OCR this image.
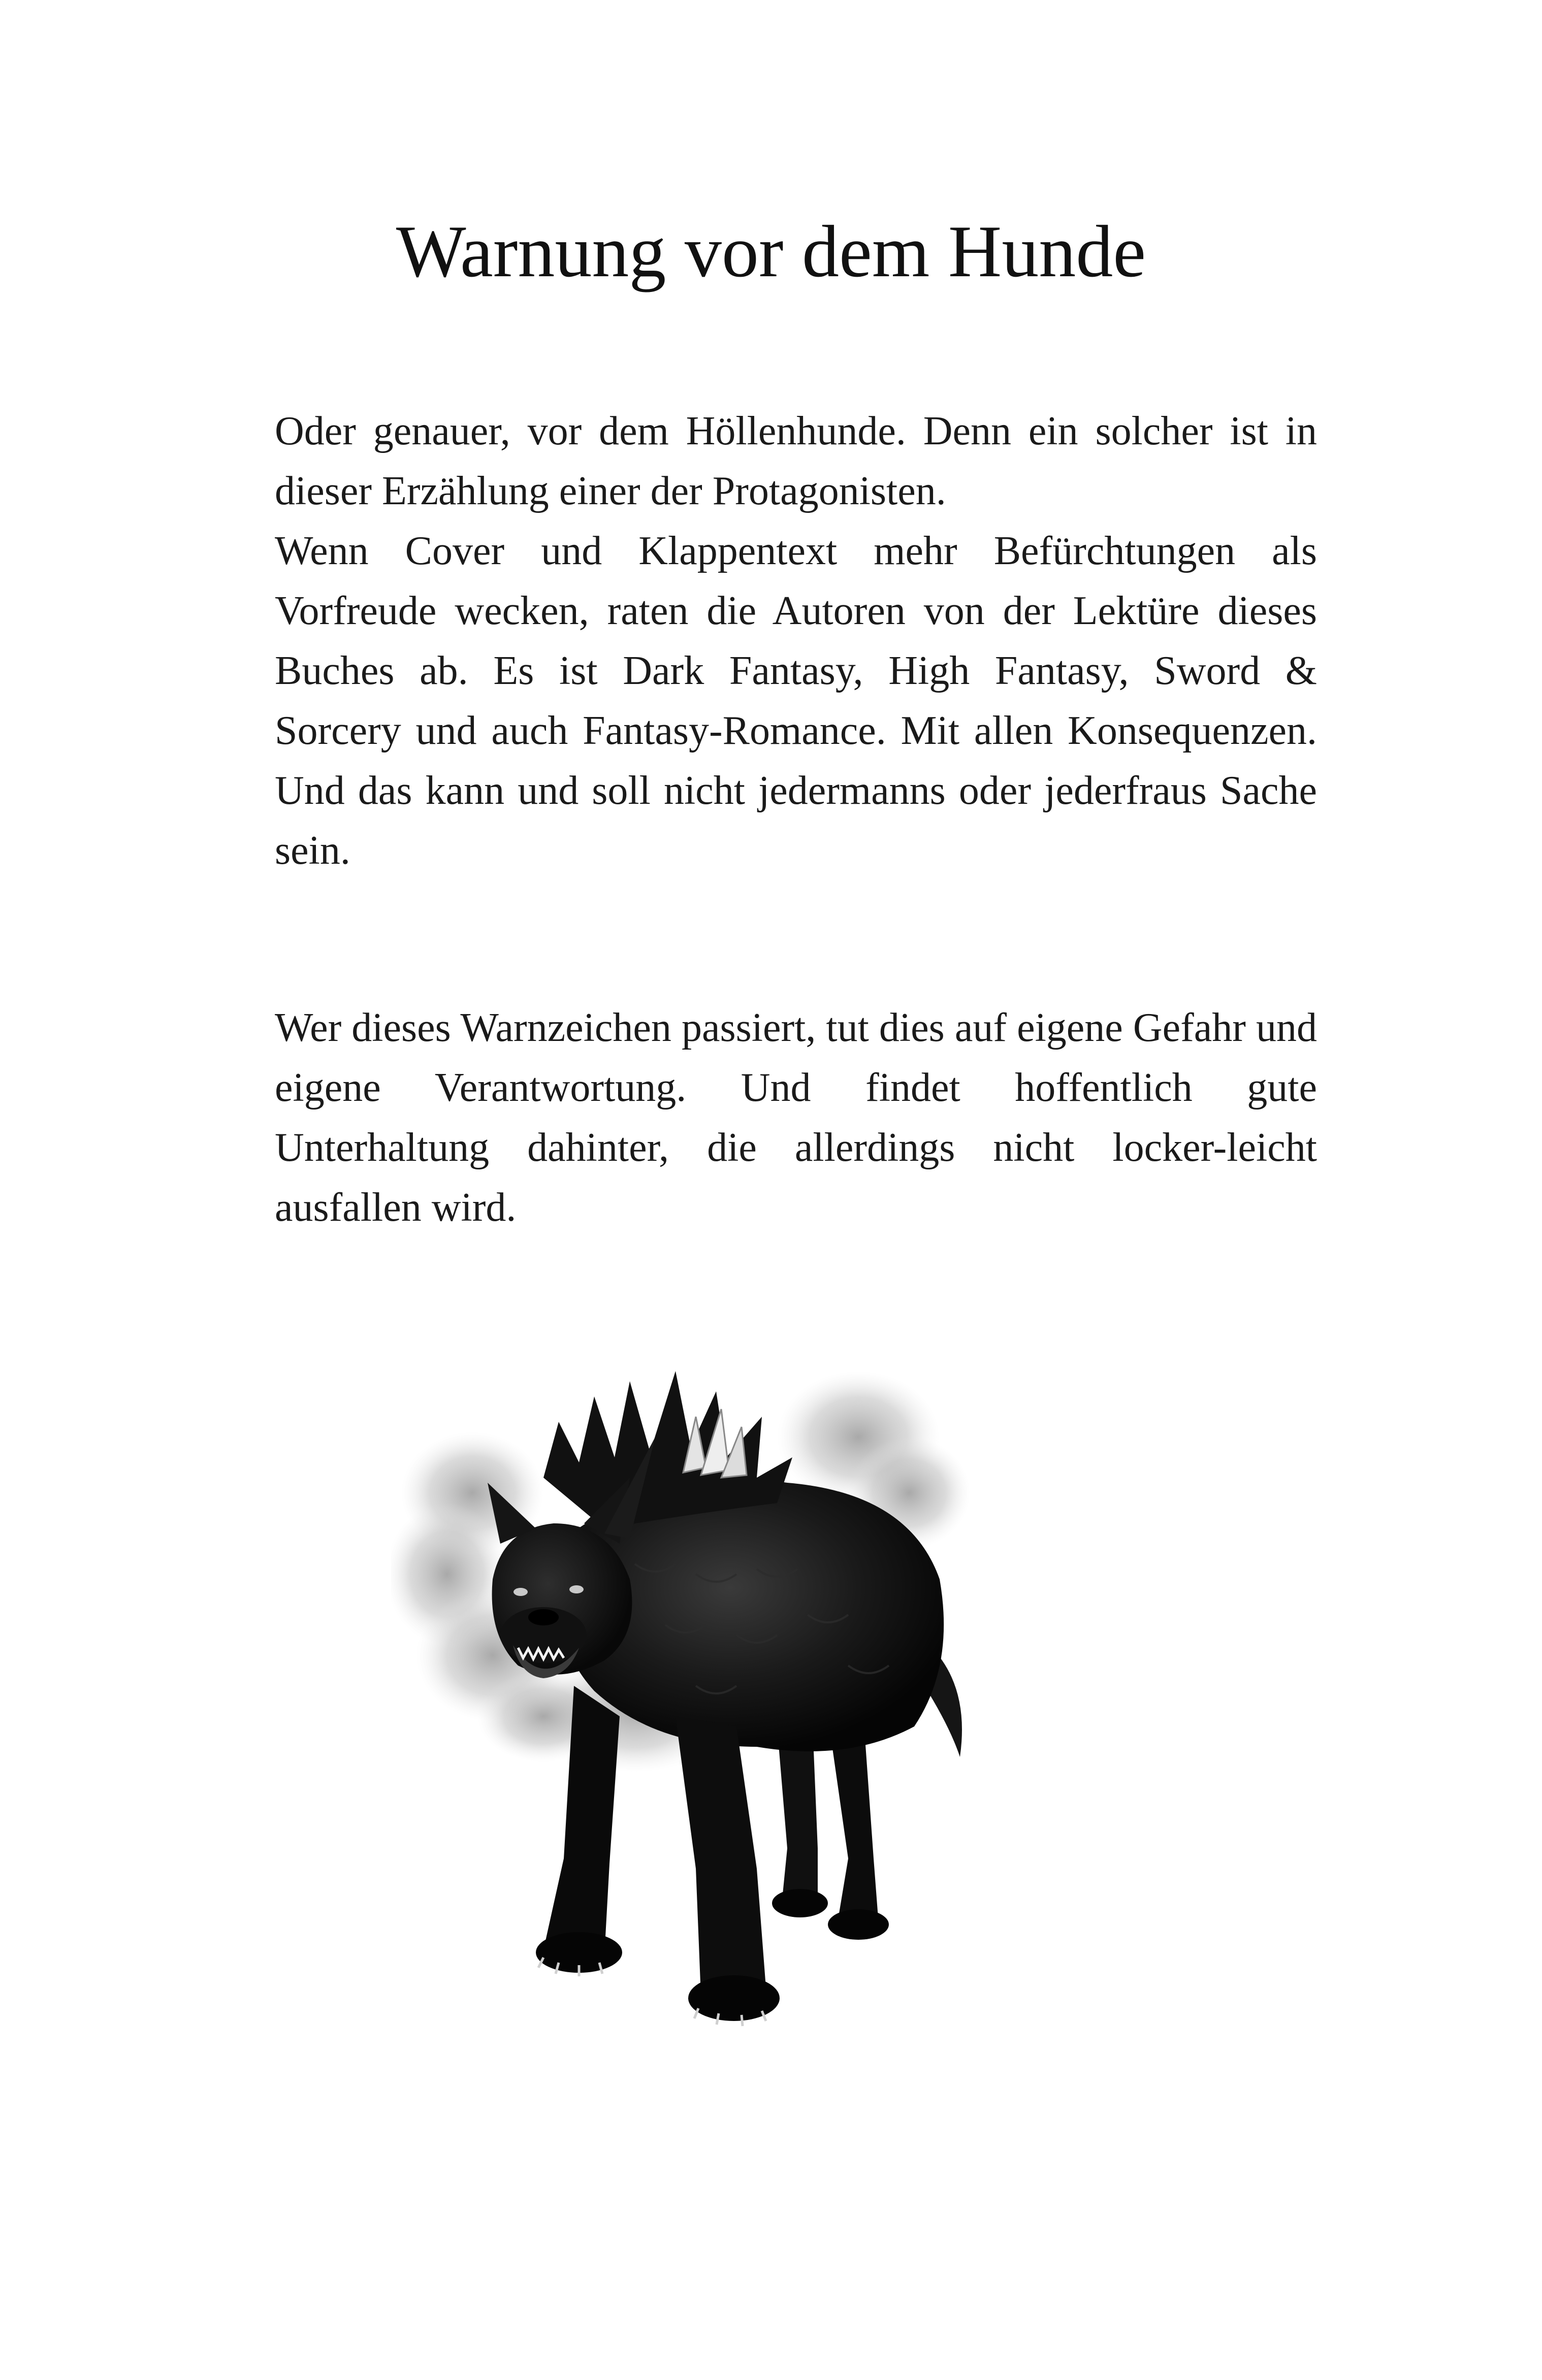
Warnung vor dem Hunde

Oder genauer, vor dem Höllenhunde. Denn ein solcher ist in dieser Erzählung einer der Protagonisten.

Wenn Cover und Klappentext mehr Befürchtungen als Vorfreude wecken, raten die Autoren von der Lektüre dieses Buches ab. Es ist Dark Fantasy, High Fantasy, Sword & Sorcery und auch Fantasy-Romance. Mit allen Konsequenzen. Und das kann und soll nicht jedermanns oder jederfraus Sache sein.

Wer dieses Warnzeichen passiert, tut dies auf eigene Gefahr und eigene Verantwortung. Und findet hoffentlich gute Unterhaltung dahinter, die allerdings nicht locker-leicht ausfallen wird.
